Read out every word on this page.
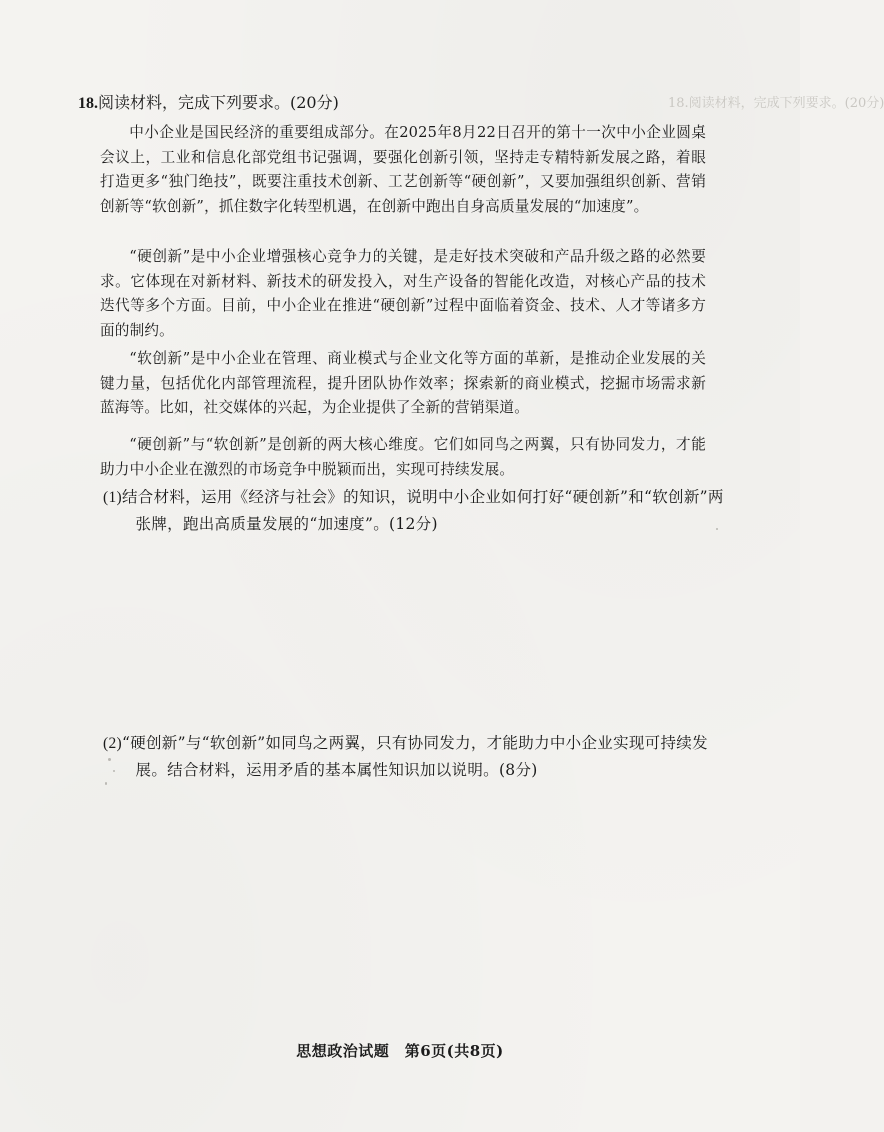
18.阅读材料，完成下列要求。(20分)	18.阅读材料，完成下列要求。(20分)
中小企业是国民经济的重要组成部分。在2025年8月22日召开的第十一次中小企业圆桌会议上，工业和信息化部党组书记强调，要强化创新引领，坚持走专精特新发展之路，着眼打造更多“独门绝技”，既要注重技术创新、工艺创新等“硬创新”，又要加强组织创新、营销创新等“软创新”，抓住数字化转型机遇，在创新中跑出自身高质量发展的“加速度”。
“硬创新”是中小企业增强核心竞争力的关键，是走好技术突破和产品升级之路的必然要求。它体现在对新材料、新技术的研发投入，对生产设备的智能化改造，对核心产品的技术迭代等多个方面。目前，中小企业在推进“硬创新”过程中面临着资金、技术、人才等诸多方面的制约。
“软创新”是中小企业在管理、商业模式与企业文化等方面的革新，是推动企业发展的关键力量，包括优化内部管理流程，提升团队协作效率；探索新的商业模式，挖掘市场需求新蓝海等。比如，社交媒体的兴起，为企业提供了全新的营销渠道。
“硬创新”与“软创新”是创新的两大核心维度。它们如同鸟之两翼，只有协同发力，才能助力中小企业在激烈的市场竞争中脱颖而出，实现可持续发展。
(1)结合材料，运用《经济与社会》的知识，说明中小企业如何打好“硬创新”和“软创新”两张牌，跑出高质量发展的“加速度”。(12分)
(2)“硬创新”与“软创新”如同鸟之两翼，只有协同发力，才能助力中小企业实现可持续发展。结合材料，运用矛盾的基本属性知识加以说明。(8分)
思想政治试题　第6页(共8页)
